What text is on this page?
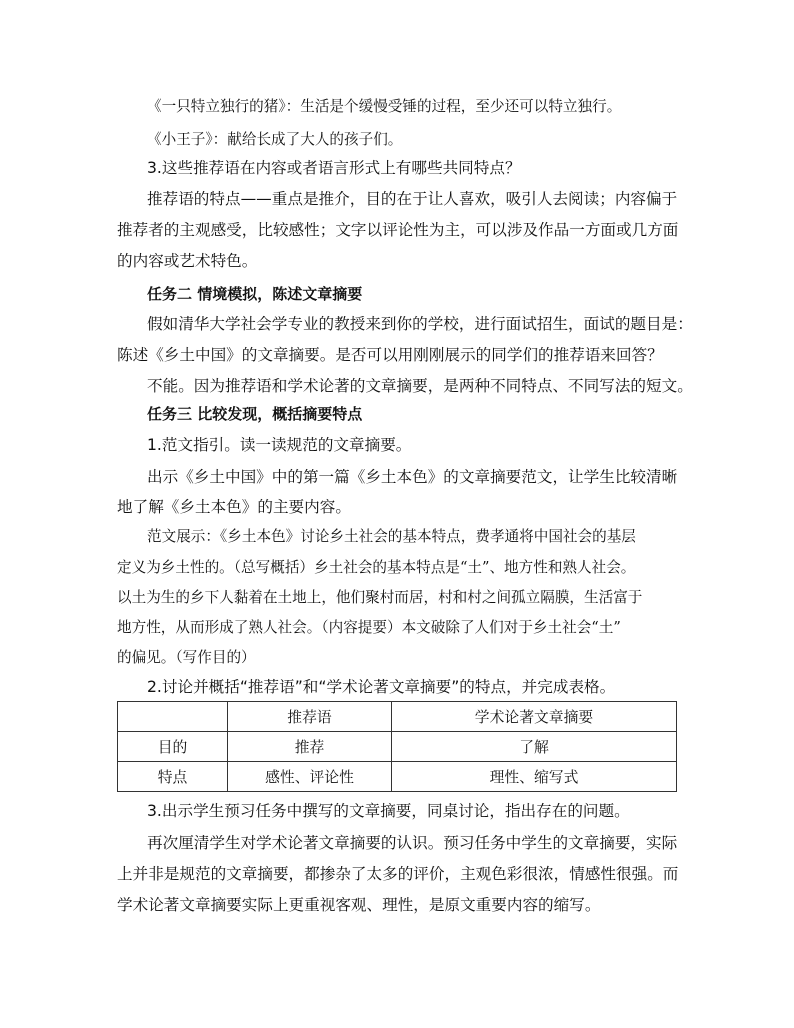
《一只特立独行的猪》：生活是个缓慢受锤的过程，至少还可以特立独行。
《小王子》：献给长成了大人的孩子们。
3.这些推荐语在内容或者语言形式上有哪些共同特点？
推荐语的特点——重点是推介，目的在于让人喜欢，吸引人去阅读；内容偏于
推荐者的主观感受，比较感性；文字以评论性为主，可以涉及作品一方面或几方面
的内容或艺术特色。
任务二 情境模拟，陈述文章摘要
假如清华大学社会学专业的教授来到你的学校，进行面试招生，面试的题目是：
陈述《乡土中国》的文章摘要。是否可以用刚刚展示的同学们的推荐语来回答？
不能。因为推荐语和学术论著的文章摘要，是两种不同特点、不同写法的短文。
任务三 比较发现，概括摘要特点
1.范文指引。读一读规范的文章摘要。
出示《乡土中国》中的第一篇《乡土本色》的文章摘要范文，让学生比较清晰
地了解《乡土本色》的主要内容。
范文展示：《乡土本色》讨论乡土社会的基本特点，费孝通将中国社会的基层
定义为乡土性的。（总写概括）乡土社会的基本特点是“土”、地方性和熟人社会。
以土为生的乡下人黏着在土地上，他们聚村而居，村和村之间孤立隔膜，生活富于
地方性，从而形成了熟人社会。（内容提要）本文破除了人们对于乡土社会“土”
的偏见。（写作目的）
2.讨论并概括“推荐语”和“学术论著文章摘要”的特点，并完成表格。
	推荐语	学术论著文章摘要
目的	推荐	了解
特点	感性、评论性	理性、缩写式
3.出示学生预习任务中撰写的文章摘要，同桌讨论，指出存在的问题。
再次厘清学生对学术论著文章摘要的认识。预习任务中学生的文章摘要，实际
上并非是规范的文章摘要，都掺杂了太多的评价，主观色彩很浓，情感性很强。而
学术论著文章摘要实际上更重视客观、理性，是原文重要内容的缩写。
